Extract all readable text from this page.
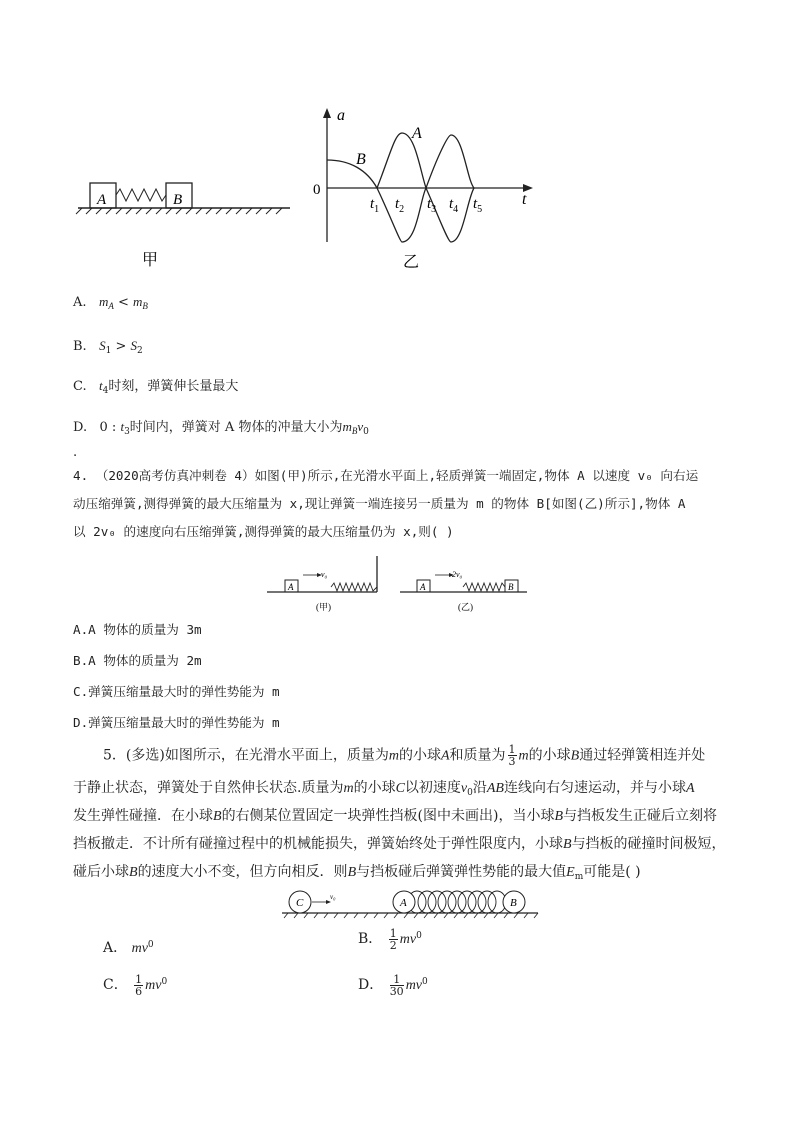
A	B
甲
a
t
0
A
B
$t_1$ $t_2$ $t_3$ $t_4$ $t_5$
乙
A. $m_A < m_B$
B. $S_1 > S_2$
C. $t_4$时刻，弹簧伸长量最大
D. 0 : $t_3$时间内，弹簧对 A 物体的冲量大小为$m_Bv_0$
.
4. （2020高考仿真冲刺卷 4）如图(甲)所示,在光滑水平面上,轻质弹簧一端固定,物体 A 以速度 v₀ 向右运
动压缩弹簧,测得弹簧的最大压缩量为 x,现让弹簧一端连接另一质量为 m 的物体 B[如图(乙)所示],物体 A
以 2v₀ 的速度向右压缩弹簧,测得弹簧的最大压缩量仍为 x,则( )
A
v₀
(甲)
A	B
2v₀
(乙)
A.A 物体的质量为 3m
B.A 物体的质量为 2m
C.弹簧压缩量最大时的弹性势能为 m
D.弹簧压缩量最大时的弹性势能为 m
5．(多选)如图所示，在光滑水平面上，质量为m的小球A和质量为 $\frac{1}{3}$ m的小球B通过轻弹簧相连并处
于静止状态，弹簧处于自然伸长状态.质量为m的小球C以初速度$v_0$沿AB连线向右匀速运动，并与小球A
发生弹性碰撞．在小球B的右侧某位置固定一块弹性挡板(图中未画出)，当小球B与挡板发生正碰后立刻将
挡板撤走．不计所有碰撞过程中的机械能损失，弹簧始终处于弹性限度内，小球B与挡板的碰撞时间极短，
碰后小球B的速度大小不变，但方向相反．则B与挡板碰后弹簧弹性势能的最大值$E_m$可能是( )
C	v₀	A	B
A． $mv^0$	B． $\frac{1}{2} mv^0$
C． $\frac{1}{6} mv^0$	D． $\frac{1}{30} mv^0$
